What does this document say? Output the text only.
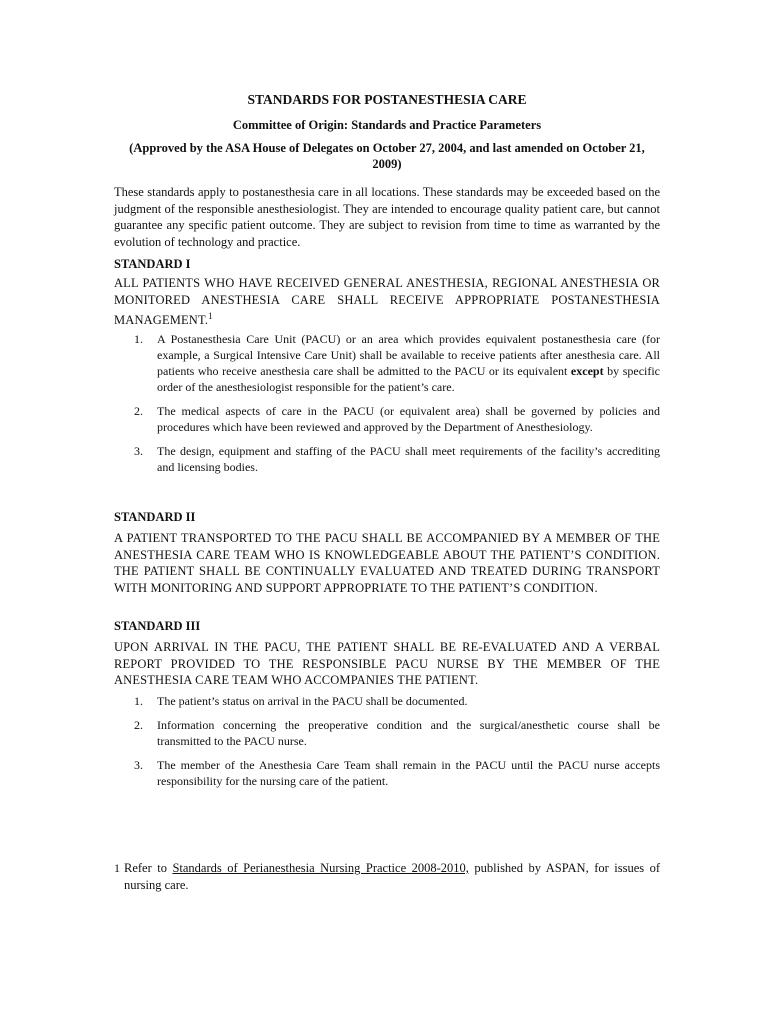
STANDARDS FOR POSTANESTHESIA CARE
Committee of Origin: Standards and Practice Parameters
(Approved by the ASA House of Delegates on October 27, 2004, and last amended on October 21, 2009)
These standards apply to postanesthesia care in all locations. These standards may be exceeded based on the judgment of the responsible anesthesiologist. They are intended to encourage quality patient care, but cannot guarantee any specific patient outcome. They are subject to revision from time to time as warranted by the evolution of technology and practice.
STANDARD I
ALL PATIENTS WHO HAVE RECEIVED GENERAL ANESTHESIA, REGIONAL ANESTHESIA OR MONITORED ANESTHESIA CARE SHALL RECEIVE APPROPRIATE POSTANESTHESIA MANAGEMENT.$^1$
1. A Postanesthesia Care Unit (PACU) or an area which provides equivalent postanesthesia care (for example, a Surgical Intensive Care Unit) shall be available to receive patients after anesthesia care. All patients who receive anesthesia care shall be admitted to the PACU or its equivalent except by specific order of the anesthesiologist responsible for the patient’s care.
2. The medical aspects of care in the PACU (or equivalent area) shall be governed by policies and procedures which have been reviewed and approved by the Department of Anesthesiology.
3. The design, equipment and staffing of the PACU shall meet requirements of the facility’s accrediting and licensing bodies.
STANDARD II
A PATIENT TRANSPORTED TO THE PACU SHALL BE ACCOMPANIED BY A MEMBER OF THE ANESTHESIA CARE TEAM WHO IS KNOWLEDGEABLE ABOUT THE PATIENT’S CONDITION. THE PATIENT SHALL BE CONTINUALLY EVALUATED AND TREATED DURING TRANSPORT WITH MONITORING AND SUPPORT APPROPRIATE TO THE PATIENT’S CONDITION.
STANDARD III
UPON ARRIVAL IN THE PACU, THE PATIENT SHALL BE RE-EVALUATED AND A VERBAL REPORT PROVIDED TO THE RESPONSIBLE PACU NURSE BY THE MEMBER OF THE ANESTHESIA CARE TEAM WHO ACCOMPANIES THE PATIENT.
1. The patient’s status on arrival in the PACU shall be documented.
2. Information concerning the preoperative condition and the surgical/anesthetic course shall be transmitted to the PACU nurse.
3. The member of the Anesthesia Care Team shall remain in the PACU until the PACU nurse accepts responsibility for the nursing care of the patient.
1 Refer to Standards of Perianesthesia Nursing Practice 2008-2010, published by ASPAN, for issues of nursing care.
